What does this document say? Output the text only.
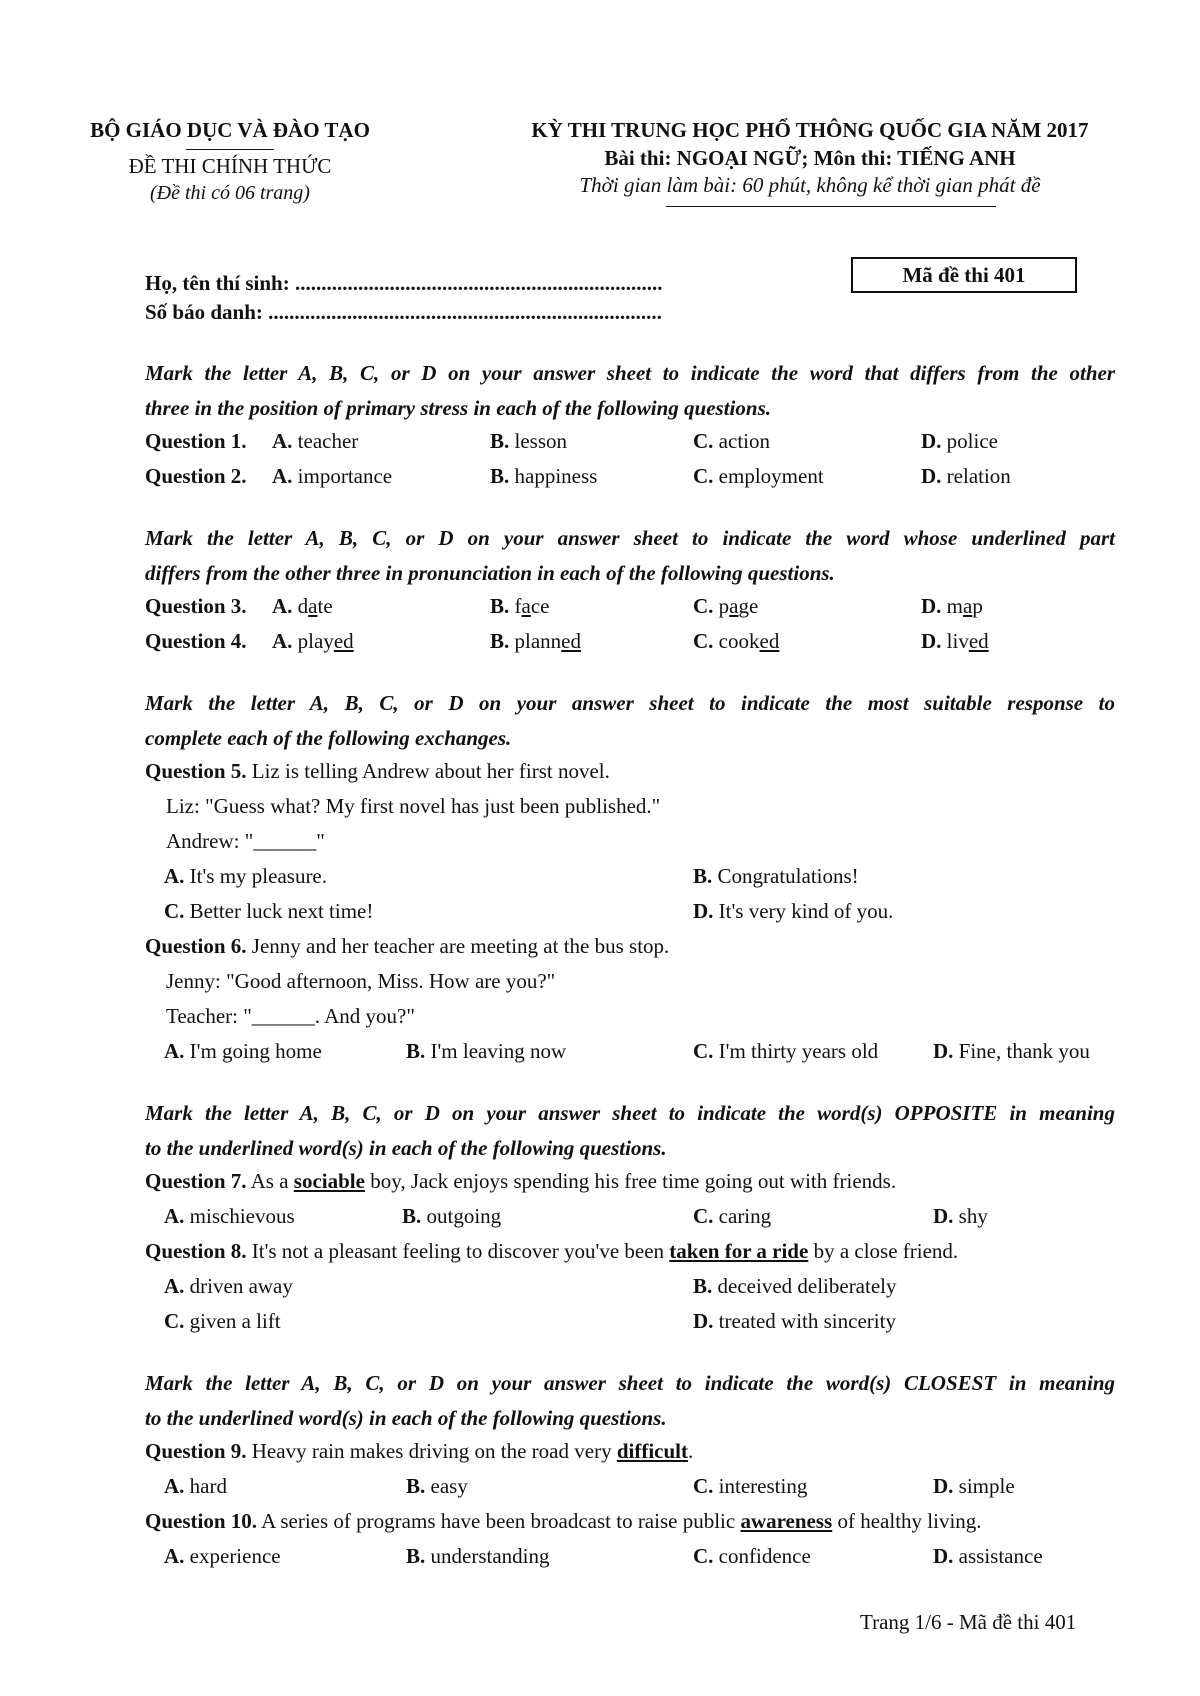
BỘ GIÁO DỤC VÀ ĐÀO TẠO
ĐỀ THI CHÍNH THỨC
(Đề thi có 06 trang)
KỲ THI TRUNG HỌC PHỔ THÔNG QUỐC GIA NĂM 2017
Bài thi: NGOẠI NGỮ; Môn thi: TIẾNG ANH
Thời gian làm bài: 60 phút, không kể thời gian phát đề
Mã đề thi 401
Họ, tên thí sinh: ......................................................................
Số báo danh: ...........................................................................
Mark the letter A, B, C, or D on your answer sheet to indicate the word that differs from the other
three in the position of primary stress in each of the following questions.
Question 1. A. teacher	B. lesson	C. action	D. police
Question 2. A. importance	B. happiness	C. employment	D. relation
Mark the letter A, B, C, or D on your answer sheet to indicate the word whose underlined part
differs from the other three in pronunciation in each of the following questions.
Question 3. A. date	B. face	C. page	D. map
Question 4. A. played	B. planned	C. cooked	D. lived
Mark the letter A, B, C, or D on your answer sheet to indicate the most suitable response to
complete each of the following exchanges.
Question 5. Liz is telling Andrew about her first novel.
Liz: "Guess what? My first novel has just been published."
Andrew: "______"
A. It's my pleasure.	B. Congratulations!
C. Better luck next time!	D. It's very kind of you.
Question 6. Jenny and her teacher are meeting at the bus stop.
Jenny: "Good afternoon, Miss. How are you?"
Teacher: "______. And you?"
A. I'm going home	B. I'm leaving now	C. I'm thirty years old	D. Fine, thank you
Mark the letter A, B, C, or D on your answer sheet to indicate the word(s) OPPOSITE in meaning
to the underlined word(s) in each of the following questions.
Question 7. As a sociable boy, Jack enjoys spending his free time going out with friends.
A. mischievous	B. outgoing	C. caring	D. shy
Question 8. It's not a pleasant feeling to discover you've been taken for a ride by a close friend.
A. driven away	B. deceived deliberately
C. given a lift	D. treated with sincerity
Mark the letter A, B, C, or D on your answer sheet to indicate the word(s) CLOSEST in meaning
to the underlined word(s) in each of the following questions.
Question 9. Heavy rain makes driving on the road very difficult.
A. hard	B. easy	C. interesting	D. simple
Question 10. A series of programs have been broadcast to raise public awareness of healthy living.
A. experience	B. understanding	C. confidence	D. assistance
Trang 1/6 - Mã đề thi 401
